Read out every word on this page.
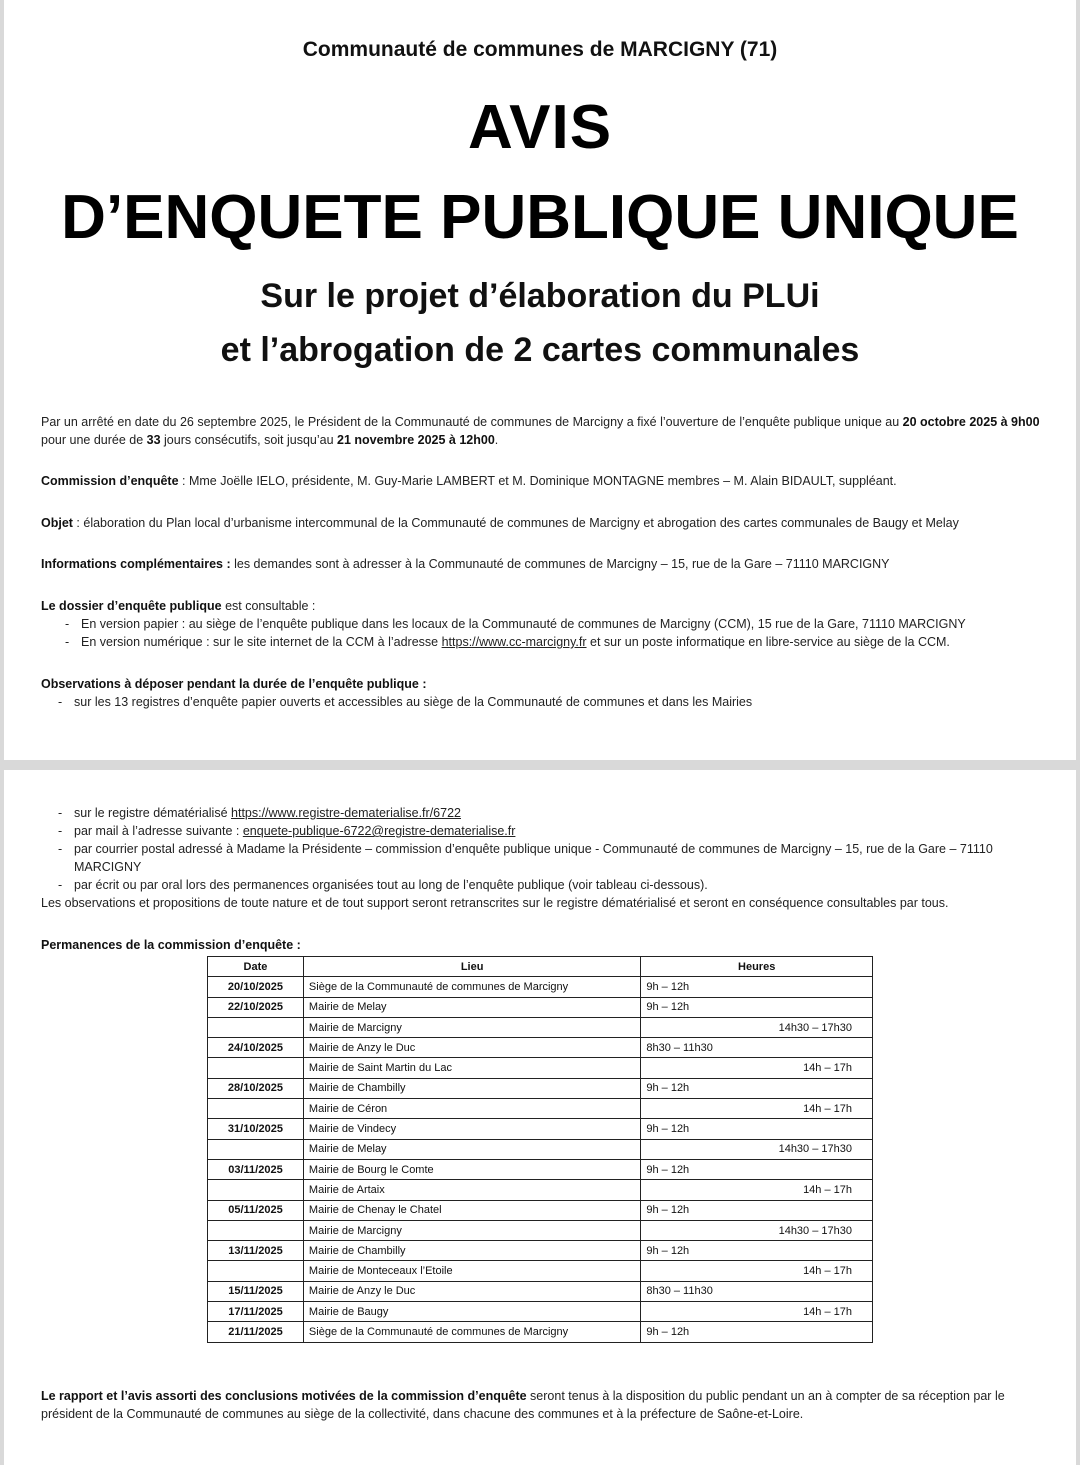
Communauté de communes de MARCIGNY (71)
AVIS
D’ENQUETE PUBLIQUE UNIQUE
Sur le projet d’élaboration du PLUi
et l’abrogation de 2 cartes communales
Par un arrêté en date du 26 septembre 2025, le Président de la Communauté de communes de Marcigny a fixé l’ouverture de l’enquête publique unique au 20 octobre 2025 à 9h00 pour une durée de 33 jours consécutifs, soit jusqu’au 21 novembre 2025 à 12h00.
Commission d’enquête : Mme Joëlle IELO, présidente, M. Guy-Marie LAMBERT et M. Dominique MONTAGNE membres – M. Alain BIDAULT, suppléant.
Objet : élaboration du Plan local d’urbanisme intercommunal de la Communauté de communes de Marcigny et abrogation des cartes communales de Baugy et Melay
Informations complémentaires : les demandes sont à adresser à la Communauté de communes de Marcigny – 15, rue de la Gare – 71110 MARCIGNY
Le dossier d’enquête publique est consultable :
- En version papier : au siège de l’enquête publique dans les locaux de la Communauté de communes de Marcigny (CCM), 15 rue de la Gare, 71110 MARCIGNY
- En version numérique : sur le site internet de la CCM à l’adresse https://www.cc-marcigny.fr et sur un poste informatique en libre-service au siège de la CCM.
Observations à déposer pendant la durée de l’enquête publique :
- sur les 13 registres d’enquête papier ouverts et accessibles au siège de la Communauté de communes et dans les Mairies
- sur le registre dématérialisé https://www.registre-dematerialise.fr/6722
- par mail à l’adresse suivante : enquete-publique-6722@registre-dematerialise.fr
- par courrier postal adressé à Madame la Présidente – commission d’enquête publique unique - Communauté de communes de Marcigny – 15, rue de la Gare – 71110 MARCIGNY
- par écrit ou par oral lors des permanences organisées tout au long de l’enquête publique (voir tableau ci-dessous).
Les observations et propositions de toute nature et de tout support seront retranscrites sur le registre dématérialisé et seront en conséquence consultables par tous.
Permanences de la commission d’enquête :
Date	Lieu	Heures
20/10/2025	Siège de la Communauté de communes de Marcigny	9h – 12h
22/10/2025	Mairie de Melay	9h – 12h
	Mairie de Marcigny	14h30 – 17h30
24/10/2025	Mairie de Anzy le Duc	8h30 – 11h30
	Mairie de Saint Martin du Lac	14h – 17h
28/10/2025	Mairie de Chambilly	9h – 12h
	Mairie de Céron	14h – 17h
31/10/2025	Mairie de Vindecy	9h – 12h
	Mairie de Melay	14h30 – 17h30
03/11/2025	Mairie de Bourg le Comte	9h – 12h
	Mairie de Artaix	14h – 17h
05/11/2025	Mairie de Chenay le Chatel	9h – 12h
	Mairie de Marcigny	14h30 – 17h30
13/11/2025	Mairie de Chambilly	9h – 12h
	Mairie de Monteceaux l’Etoile	14h – 17h
15/11/2025	Mairie de Anzy le Duc	8h30 – 11h30
17/11/2025	Mairie de Baugy	14h – 17h
21/11/2025	Siège de la Communauté de communes de Marcigny	9h – 12h
Le rapport et l’avis assorti des conclusions motivées de la commission d’enquête seront tenus à la disposition du public pendant un an à compter de sa réception par le président de la Communauté de communes au siège de la collectivité, dans chacune des communes et à la préfecture de Saône-et-Loire.
